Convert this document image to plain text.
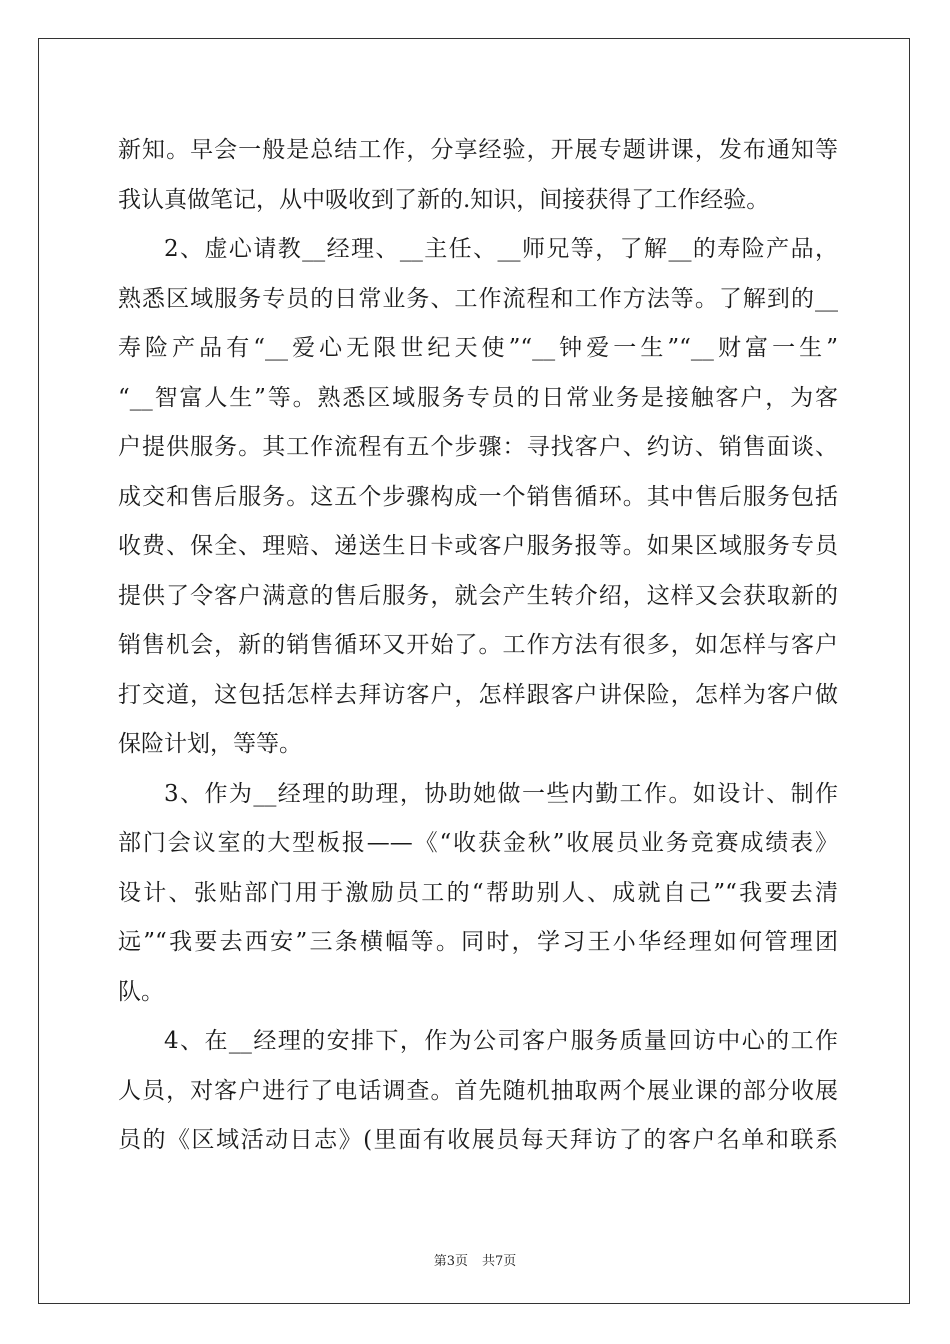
新知。早会一般是总结工作，分享经验，开展专题讲课，发布通知等
我认真做笔记，从中吸收到了新的.知识，间接获得了工作经验。
2、虚心请教__经理、__主任、__师兄等，了解__的寿险产品，
熟悉区域服务专员的日常业务、工作流程和工作方法等。了解到的__
寿险产品有“__爱心无限世纪天使”“__钟爱一生”“__财富一生”
“__智富人生”等。熟悉区域服务专员的日常业务是接触客户，为客
户提供服务。其工作流程有五个步骤：寻找客户、约访、销售面谈、
成交和售后服务。这五个步骤构成一个销售循环。其中售后服务包括
收费、保全、理赔、递送生日卡或客户服务报等。如果区域服务专员
提供了令客户满意的售后服务，就会产生转介绍，这样又会获取新的
销售机会，新的销售循环又开始了。工作方法有很多，如怎样与客户
打交道，这包括怎样去拜访客户，怎样跟客户讲保险，怎样为客户做
保险计划，等等。
3、作为__经理的助理，协助她做一些内勤工作。如设计、制作
部门会议室的大型板报——《“收获金秋”收展员业务竞赛成绩表》
设计、张贴部门用于激励员工的“帮助别人、成就自己”“我要去清
远”“我要去西安”三条横幅等。同时，学习王小华经理如何管理团
队。
4、在__经理的安排下，作为公司客户服务质量回访中心的工作
人员，对客户进行了电话调查。首先随机抽取两个展业课的部分收展
员的《区域活动日志》(里面有收展员每天拜访了的客户名单和联系
第3页 共7页
